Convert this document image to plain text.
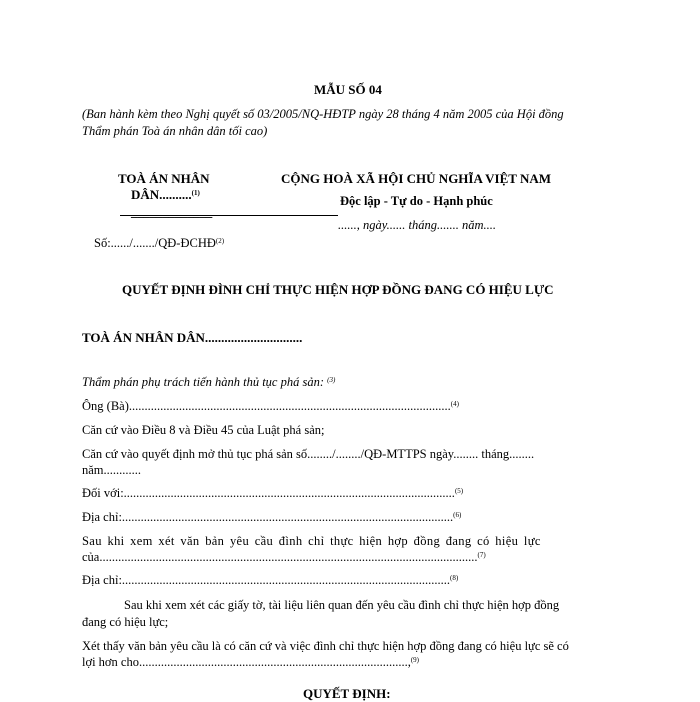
MẪU SỐ 04
(Ban hành kèm theo Nghị quyết số 03/2005/NQ-HĐTP ngày 28 tháng 4 năm 2005 của Hội đồng
Thẩm phán Toà án nhân dân tối cao)
TOÀ ÁN NHÂN
DÂN..........$^{(1)}$
_____________
Số:....../......./QĐ-ĐCHĐ$^{(2)}$
CỘNG HOÀ XÃ HỘI CHỦ NGHĨA VIỆT NAM
Độc lập - Tự do - Hạnh phúc
......, ngày...... tháng....... năm....
QUYẾT ĐỊNH ĐÌNH CHỈ THỰC HIỆN HỢP ĐỒNG ĐANG CÓ HIỆU LỰC
TOÀ ÁN NHÂN DÂN..............................
Thẩm phán phụ trách tiến hành thủ tục phá sản: $^{(3)}$
Ông (Bà).......................................................................................................$^{(4)}$
Căn cứ vào Điều 8 và Điều 45 của Luật phá sản;
Căn cứ vào quyết định mở thủ tục phá sản số......../......../QĐ-MTTPS ngày........ tháng........
năm............
Đối với:..........................................................................................................$^{(5)}$
Địa chỉ:..........................................................................................................$^{(6)}$
Sau khi xem xét văn bản yêu cầu đình chỉ thực hiện hợp đồng đang có hiệu lực
của.........................................................................................................................$^{(7)}$
Địa chỉ:.........................................................................................................$^{(8)}$
Sau khi xem xét các giấy tờ, tài liệu liên quan đến yêu cầu đình chỉ thực hiện hợp đồng
đang có hiệu lực;
Xét thấy văn bản yêu cầu là có căn cứ và việc đình chỉ thực hiện hợp đồng đang có hiệu lực sẽ có
lợi hơn cho......................................................................................,$^{(9)}$
QUYẾT ĐỊNH:
